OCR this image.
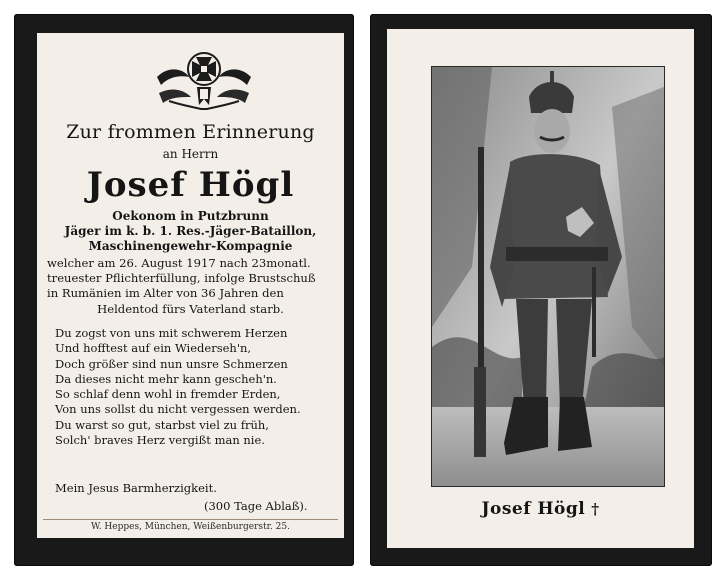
Zur frommen Erinnerung
an Herrn
Josef Högl
Oekonom in Putzbrunn
Jäger im k. b. 1. Res.-Jäger-Bataillon,
Maschinengewehr-Kompagnie
welcher am 26. August 1917 nach 23monatl.
treuester Pflichterfüllung, infolge Brustschuß
in Rumänien im Alter von 36 Jahren den
Heldentod fürs Vaterland starb.
Du zogst von uns mit schwerem Herzen
Und hofftest auf ein Wiederseh'n,
Doch größer sind nun unsre Schmerzen
Da dieses nicht mehr kann gescheh'n.
So schlaf denn wohl in fremder Erden,
Von uns sollst du nicht vergessen werden.
Du warst so gut, starbst viel zu früh,
Solch' braves Herz vergißt man nie.
Mein Jesus Barmherzigkeit.
(300 Tage Ablaß).
W. Heppes, München, Weißenburgerstr. 25.
Josef Högl †
